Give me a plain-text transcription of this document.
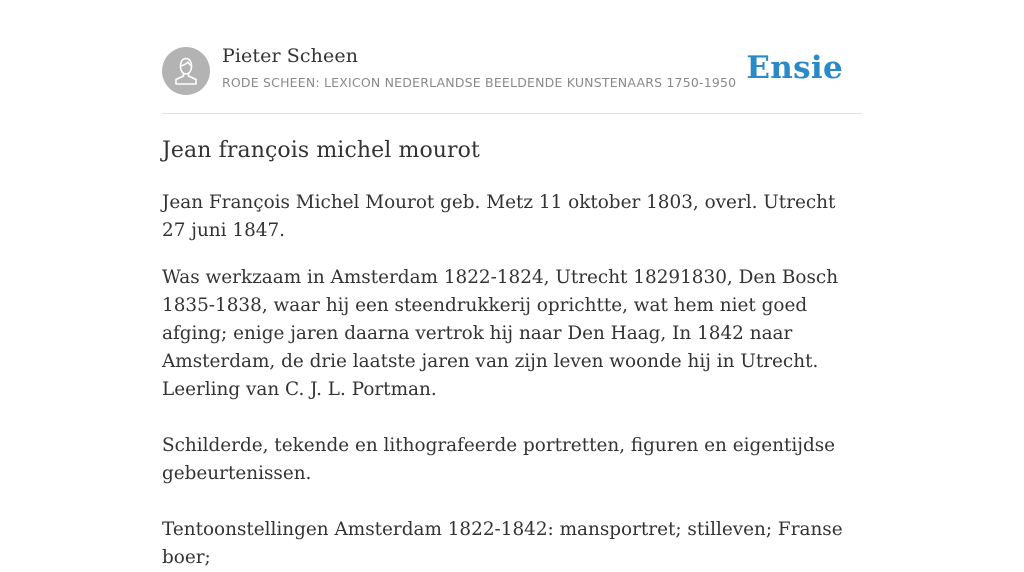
Pieter Scheen
RODE SCHEEN: LEXICON NEDERLANDSE BEELDENDE KUNSTENAARS 1750-1950 Ensie
Jean françois michel mourot

Jean François Michel Mourot geb. Metz 11 oktober 1803, overl. Utrecht 27 juni 1847.

Was werkzaam in Amsterdam 1822-1824, Utrecht 18291830, Den Bosch 1835-1838, waar hij een steendrukkerij oprichtte, wat hem niet goed afging; enige jaren daarna vertrok hij naar Den Haag, In 1842 naar Amsterdam, de drie laatste jaren van zijn leven woonde hij in Utrecht. Leerling van C. J. L. Portman.

Schilderde, tekende en lithografeerde portretten, figuren en eigentijdse gebeurtenissen.

Tentoonstellingen Amsterdam 1822-1842: mansportret; stilleven; Franse boer;
